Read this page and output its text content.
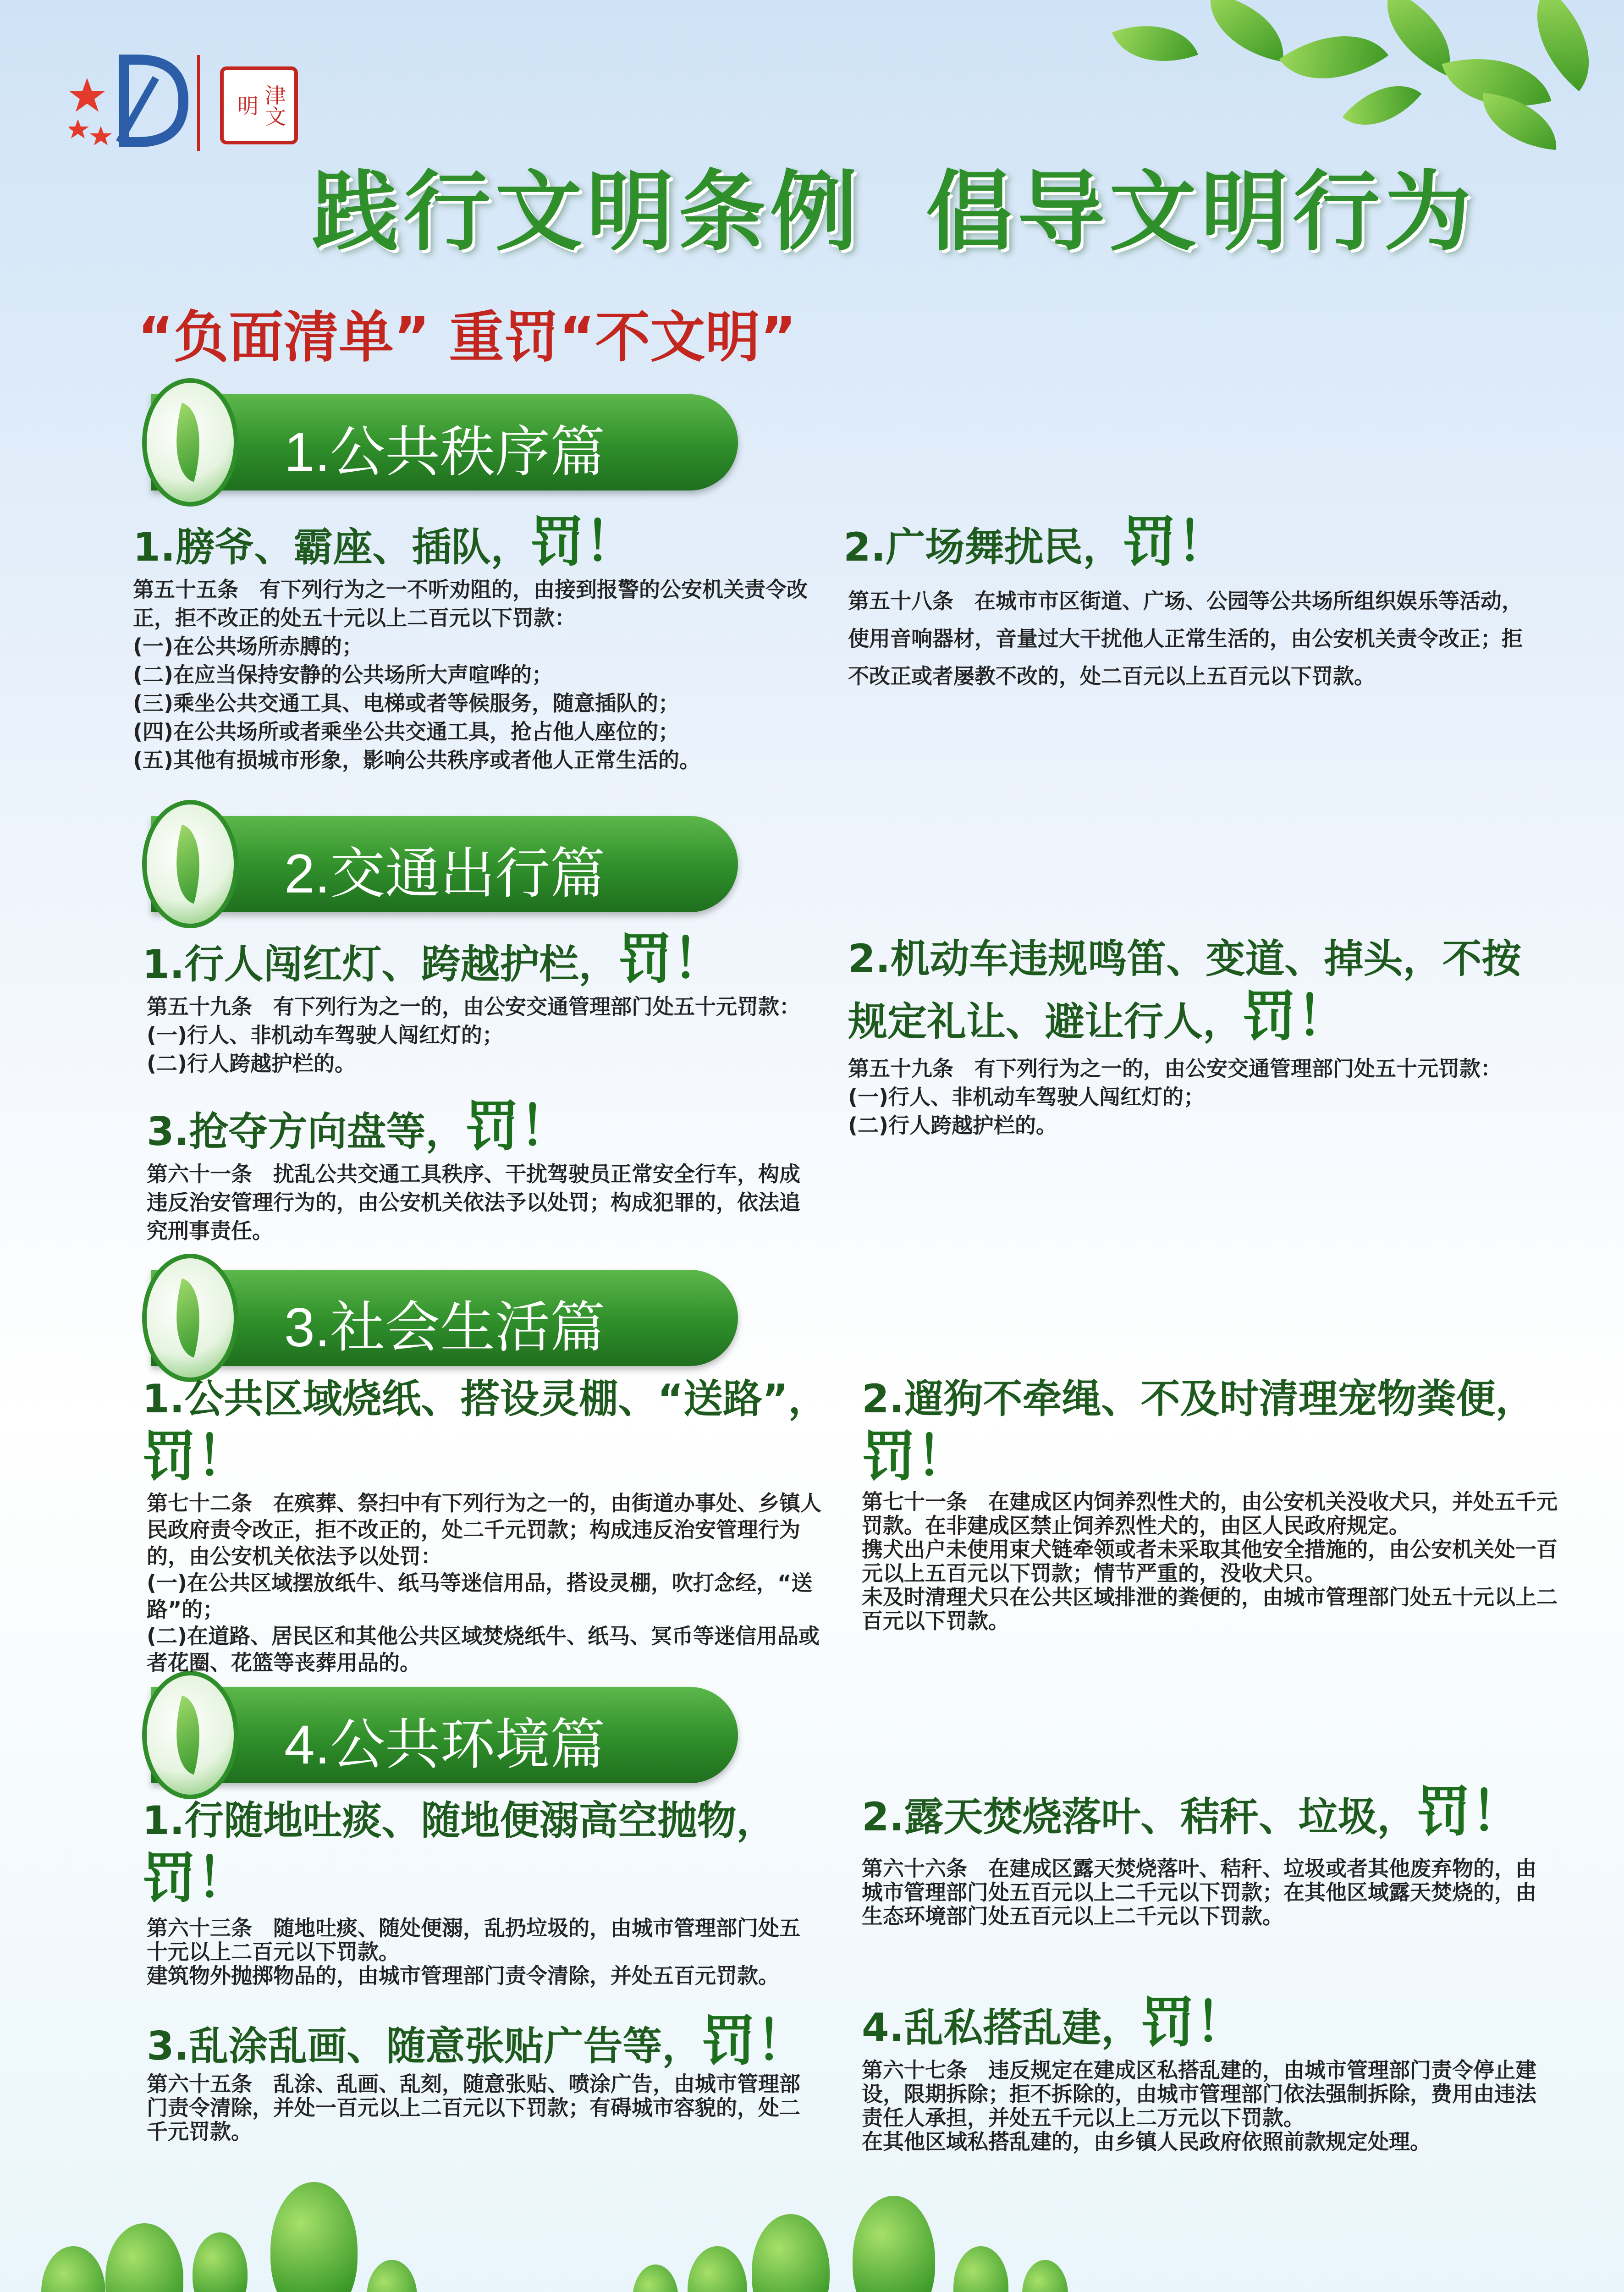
津文明
践行文明条例 倡导文明行为
“负面清单” 重罚“不文明”
1.公共秩序篇
2.交通出行篇
3.社会生活篇
4.公共环境篇
1.膀爷、霸座、插队，罚！

第五十五条　有下列行为之一不听劝阻的，由接到报警的公安机关责令改正，拒不改正的处五十元以上二百元以下罚款：

(一)在公共场所赤膊的；

(二)在应当保持安静的公共场所大声喧哗的；

(三)乘坐公共交通工具、电梯或者等候服务，随意插队的；

(四)在公共场所或者乘坐公共交通工具，抢占他人座位的；

(五)其他有损城市形象，影响公共秩序或者他人正常生活的。

2.广场舞扰民，罚！

第五十八条　在城市市区街道、广场、公园等公共场所组织娱乐等活动，使用音响器材，音量过大干扰他人正常生活的，由公安机关责令改正；拒不改正或者屡教不改的，处二百元以上五百元以下罚款。

1.行人闯红灯、跨越护栏，罚！

第五十九条　有下列行为之一的，由公安交通管理部门处五十元罚款：

(一)行人、非机动车驾驶人闯红灯的；

(二)行人跨越护栏的。

3.抢夺方向盘等，罚！

第六十一条　扰乱公共交通工具秩序、干扰驾驶员正常安全行车，构成违反治安管理行为的，由公安机关依法予以处罚；构成犯罪的，依法追究刑事责任。

2.机动车违规鸣笛、变道、掉头，不按规定礼让、避让行人，罚！

第五十九条　有下列行为之一的，由公安交通管理部门处五十元罚款：

(一)行人、非机动车驾驶人闯红灯的；

(二)行人跨越护栏的。

1.公共区域烧纸、搭设灵棚、“送路”，罚！

第七十二条　在殡葬、祭扫中有下列行为之一的，由街道办事处、乡镇人民政府责令改正，拒不改正的，处二千元罚款；构成违反治安管理行为的，由公安机关依法予以处罚：

(一)在公共区域摆放纸牛、纸马等迷信用品，搭设灵棚，吹打念经，“送路”的；

(二)在道路、居民区和其他公共区域焚烧纸牛、纸马、冥币等迷信用品或者花圈、花篮等丧葬用品的。

2.遛狗不牵绳、不及时清理宠物粪便，罚！

第七十一条　在建成区内饲养烈性犬的，由公安机关没收犬只，并处五千元罚款。在非建成区禁止饲养烈性犬的，由区人民政府规定。

携犬出户未使用束犬链牵领或者未采取其他安全措施的，由公安机关处一百元以上五百元以下罚款；情节严重的，没收犬只。

未及时清理犬只在公共区域排泄的粪便的，由城市管理部门处五十元以上二百元以下罚款。

1.行随地吐痰、随地便溺高空抛物，罚！

第六十三条　随地吐痰、随处便溺，乱扔垃圾的，由城市管理部门处五十元以上二百元以下罚款。

建筑物外抛掷物品的，由城市管理部门责令清除，并处五百元罚款。

3.乱涂乱画、随意张贴广告等，罚！

第六十五条　乱涂、乱画、乱刻，随意张贴、喷涂广告，由城市管理部门责令清除，并处一百元以上二百元以下罚款；有碍城市容貌的，处二千元罚款。

2.露天焚烧落叶、秸秆、垃圾，罚！

第六十六条　在建成区露天焚烧落叶、秸秆、垃圾或者其他废弃物的，由城市管理部门处五百元以上二千元以下罚款；在其他区域露天焚烧的，由生态环境部门处五百元以上二千元以下罚款。

4.乱私搭乱建，罚！

第六十七条　违反规定在建成区私搭乱建的，由城市管理部门责令停止建设，限期拆除；拒不拆除的，由城市管理部门依法强制拆除，费用由违法责任人承担，并处五千元以上二万元以下罚款。

在其他区域私搭乱建的，由乡镇人民政府依照前款规定处理。
